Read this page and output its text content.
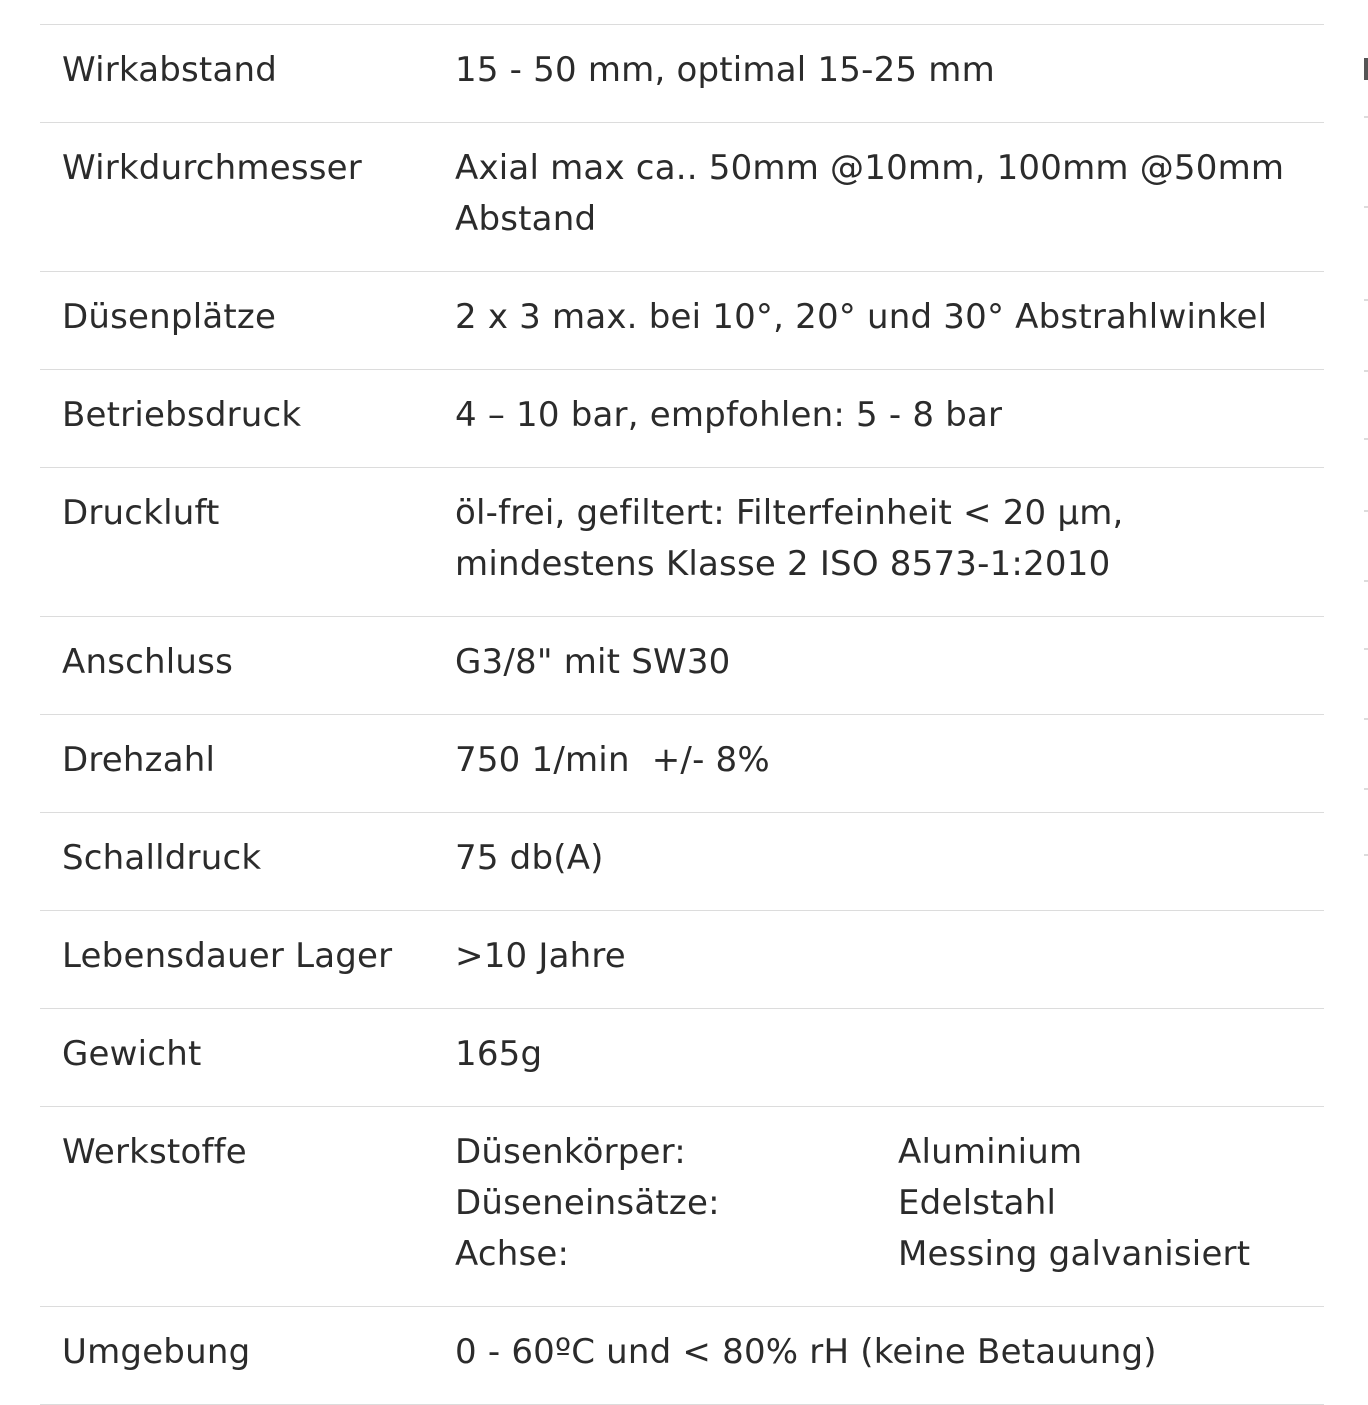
Wirkabstand	15 - 50 mm, optimal 15-25 mm
Wirkdurchmesser	Axial max ca.. 50mm @10mm, 100mm @50mm Abstand
Düsenplätze	2 x 3 max. bei 10°, 20° und 30° Abstrahlwinkel
Betriebsdruck	4 – 10 bar, empfohlen: 5 - 8 bar
Druckluft	öl-frei, gefiltert: Filterfeinheit < 20 μm, mindestens Klasse 2 ISO 8573-1:2010
Anschluss	G3/8" mit SW30
Drehzahl	750 1/min  +/- 8%
Schalldruck	75 db(A)
Lebensdauer Lager	>10 Jahre
Gewicht	165g
Werkstoffe	Düsenkörper:	Aluminium
Düseneinsätze:	Edelstahl
Achse:	Messing galvanisiert
Umgebung	0 - 60ºC und < 80% rH (keine Betauung)
